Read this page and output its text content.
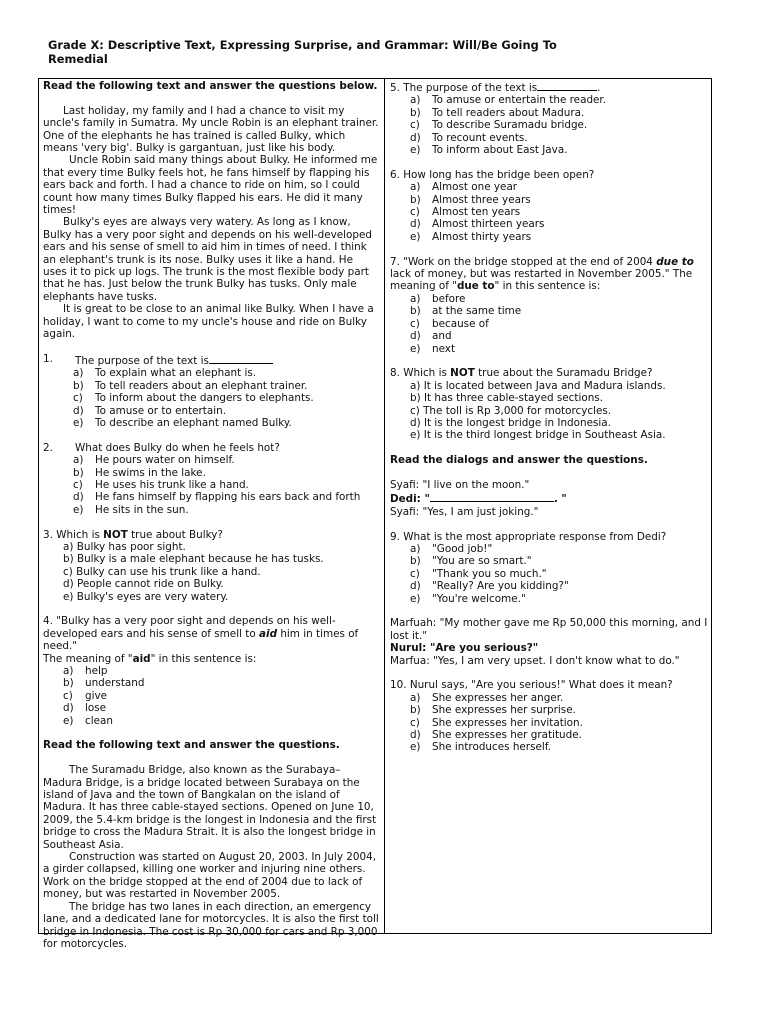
Grade X: Descriptive Text, Expressing Surprise, and Grammar: Will/Be Going To
Remedial

Read the following text and answer the questions below.

Last holiday, my family and I had a chance to visit my uncle's family in Sumatra. My uncle Robin is an elephant trainer. One of the elephants he has trained is called Bulky, which means 'very big'. Bulky is gargantuan, just like his body.

Uncle Robin said many things about Bulky. He informed me that every time Bulky feels hot, he fans himself by flapping his ears back and forth. I had a chance to ride on him, so I could count how many times Bulky flapped his ears. He did it many times!

Bulky's eyes are always very watery. As long as I know, Bulky has a very poor sight and depends on his well-developed ears and his sense of smell to aid him in times of need. I think an elephant's trunk is its nose. Bulky uses it like a hand. He uses it to pick up logs. The trunk is the most flexible body part that he has. Just below the trunk Bulky has tusks. Only male elephants have tusks.

It is great to be close to an animal like Bulky. When I have a holiday, I want to come to my uncle's house and ride on Bulky again.

1.	The purpose of the text is
a)	To explain what an elephant is.
b)	To tell readers about an elephant trainer.
c)	To inform about the dangers to elephants.
d)	To amuse or to entertain.
e)	To describe an elephant named Bulky.

2.	What does Bulky do when he feels hot?
a)	He pours water on himself.
b)	He swims in the lake.
c)	He uses his trunk like a hand.
d)	He fans himself by flapping his ears back and forth
e)	He sits in the sun.

3. Which is NOT true about Bulky?

a) Bulky has poor sight.

b) Bulky is a male elephant because he has tusks.

c) Bulky can use his trunk like a hand.

d) People cannot ride on Bulky.

e) Bulky's eyes are very watery.

4. "Bulky has a very poor sight and depends on his well-developed ears and his sense of smell to aid him in times of need."

The meaning of "aid" in this sentence is:

a)	help
b)	understand
c)	give
d)	lose
e)	clean

Read the following text and answer the questions.

The Suramadu Bridge, also known as the Surabaya–Madura Bridge, is a bridge located between Surabaya on the island of Java and the town of Bangkalan on the island of Madura. It has three cable-stayed sections. Opened on June 10, 2009, the 5.4-km bridge is the longest in Indonesia and the first bridge to cross the Madura Strait. It is also the longest bridge in Southeast Asia.

Construction was started on August 20, 2003. In July 2004, a girder collapsed, killing one worker and injuring nine others. Work on the bridge stopped at the end of 2004 due to lack of money, but was restarted in November 2005.

The bridge has two lanes in each direction, an emergency lane, and a dedicated lane for motorcycles. It is also the first toll bridge in Indonesia. The cost is Rp 30,000 for cars and Rp 3,000 for motorcycles.

5. The purpose of the text is	.

a)	To amuse or entertain the reader.
b)	To tell readers about Madura.
c)	To describe Suramadu bridge.
d)	To recount events.
e)	To inform about East Java.

6. How long has the bridge been open?

a)	Almost one year
b)	Almost three years
c)	Almost ten years
d)	Almost thirteen years
e)	Almost thirty years

7. "Work on the bridge stopped at the end of 2004 due to lack of money, but was restarted in November 2005." The meaning of "due to" in this sentence is:

a)	before
b)	at the same time
c)	because of
d)	and
e)	next

8. Which is NOT true about the Suramadu Bridge?

a) It is located between Java and Madura islands.

b) It has three cable-stayed sections.

c) The toll is Rp 3,000 for motorcycles.

d) It is the longest bridge in Indonesia.

e) It is the third longest bridge in Southeast Asia.

Read the dialogs and answer the questions.

Syafi: "I live on the moon."

Dedi: "	. "

Syafi: "Yes, I am just joking."

9. What is the most appropriate response from Dedi?

a)	"Good job!"
b)	"You are so smart."
c)	"Thank you so much."
d)	"Really? Are you kidding?"
e)	"You're welcome."

Marfuah: "My mother gave me Rp 50,000 this morning, and I lost it."

Nurul: "Are you serious?"

Marfua: "Yes, I am very upset. I don't know what to do."

10. Nurul says, "Are you serious!" What does it mean?

a)	She expresses her anger.
b)	She expresses her surprise.
c)	She expresses her invitation.
d)	She expresses her gratitude.
e)	She introduces herself.
